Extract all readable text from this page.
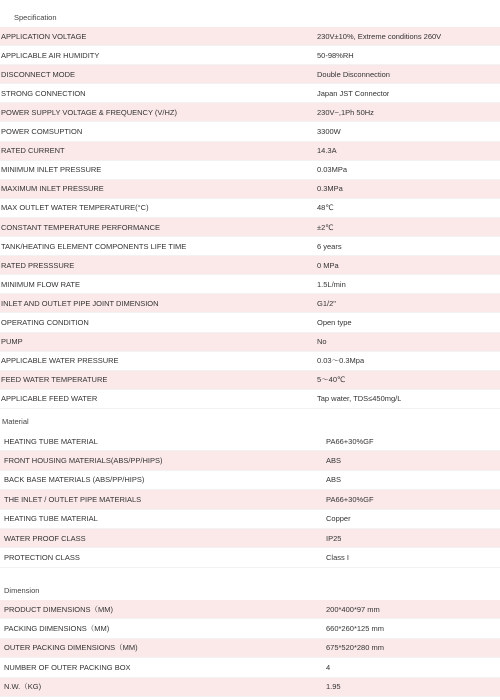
Specification
APPLICATION VOLTAGE	230V±10%, Extreme conditions 260V
APPLICABLE AIR HUMIDITY	50-98%RH
DISCONNECT MODE	Double Disconnection
STRONG CONNECTION	Japan JST Connector
POWER SUPPLY VOLTAGE & FREQUENCY (V/HZ)	230V~,1Ph 50Hz
POWER COMSUPTION	3300W
RATED CURRENT	14.3A
MINIMUM INLET PRESSURE	0.03MPa
MAXIMUM INLET PRESSURE	0.3MPa
MAX OUTLET WATER TEMPERATURE(°C)	48℃
CONSTANT TEMPERATURE PERFORMANCE	±2℃
TANK/HEATING ELEMENT COMPONENTS LIFE TIME	6 years
RATED PRESSSURE	0 MPa
MINIMUM FLOW RATE	1.5L/min
INLET AND OUTLET PIPE JOINT DIMENSION	G1/2"
OPERATING CONDITION	Open type
PUMP	No
APPLICABLE WATER PRESSURE	0.03～0.3Mpa
FEED WATER TEMPERATURE	5～40℃
APPLICABLE FEED WATER	Tap water, TDS≤450mg/L
Material
HEATING TUBE MATERIAL	PA66+30%GF
FRONT HOUSING MATERIALS(ABS/PP/HIPS)	ABS
BACK BASE MATERIALS (ABS/PP/HIPS)	ABS
THE INLET / OUTLET PIPE MATERIALS	PA66+30%GF
HEATING TUBE MATERIAL	Copper
WATER PROOF CLASS	IP25
PROTECTION CLASS	Class I
Dimension
PRODUCT DIMENSIONS（MM)	200*400*97 mm
PACKING DIMENSIONS（MM)	660*260*125 mm
OUTER PACKING DIMENSIONS（MM)	675*520*280 mm
NUMBER OF OUTER PACKING BOX	4
N.W.（KG)	1.95
